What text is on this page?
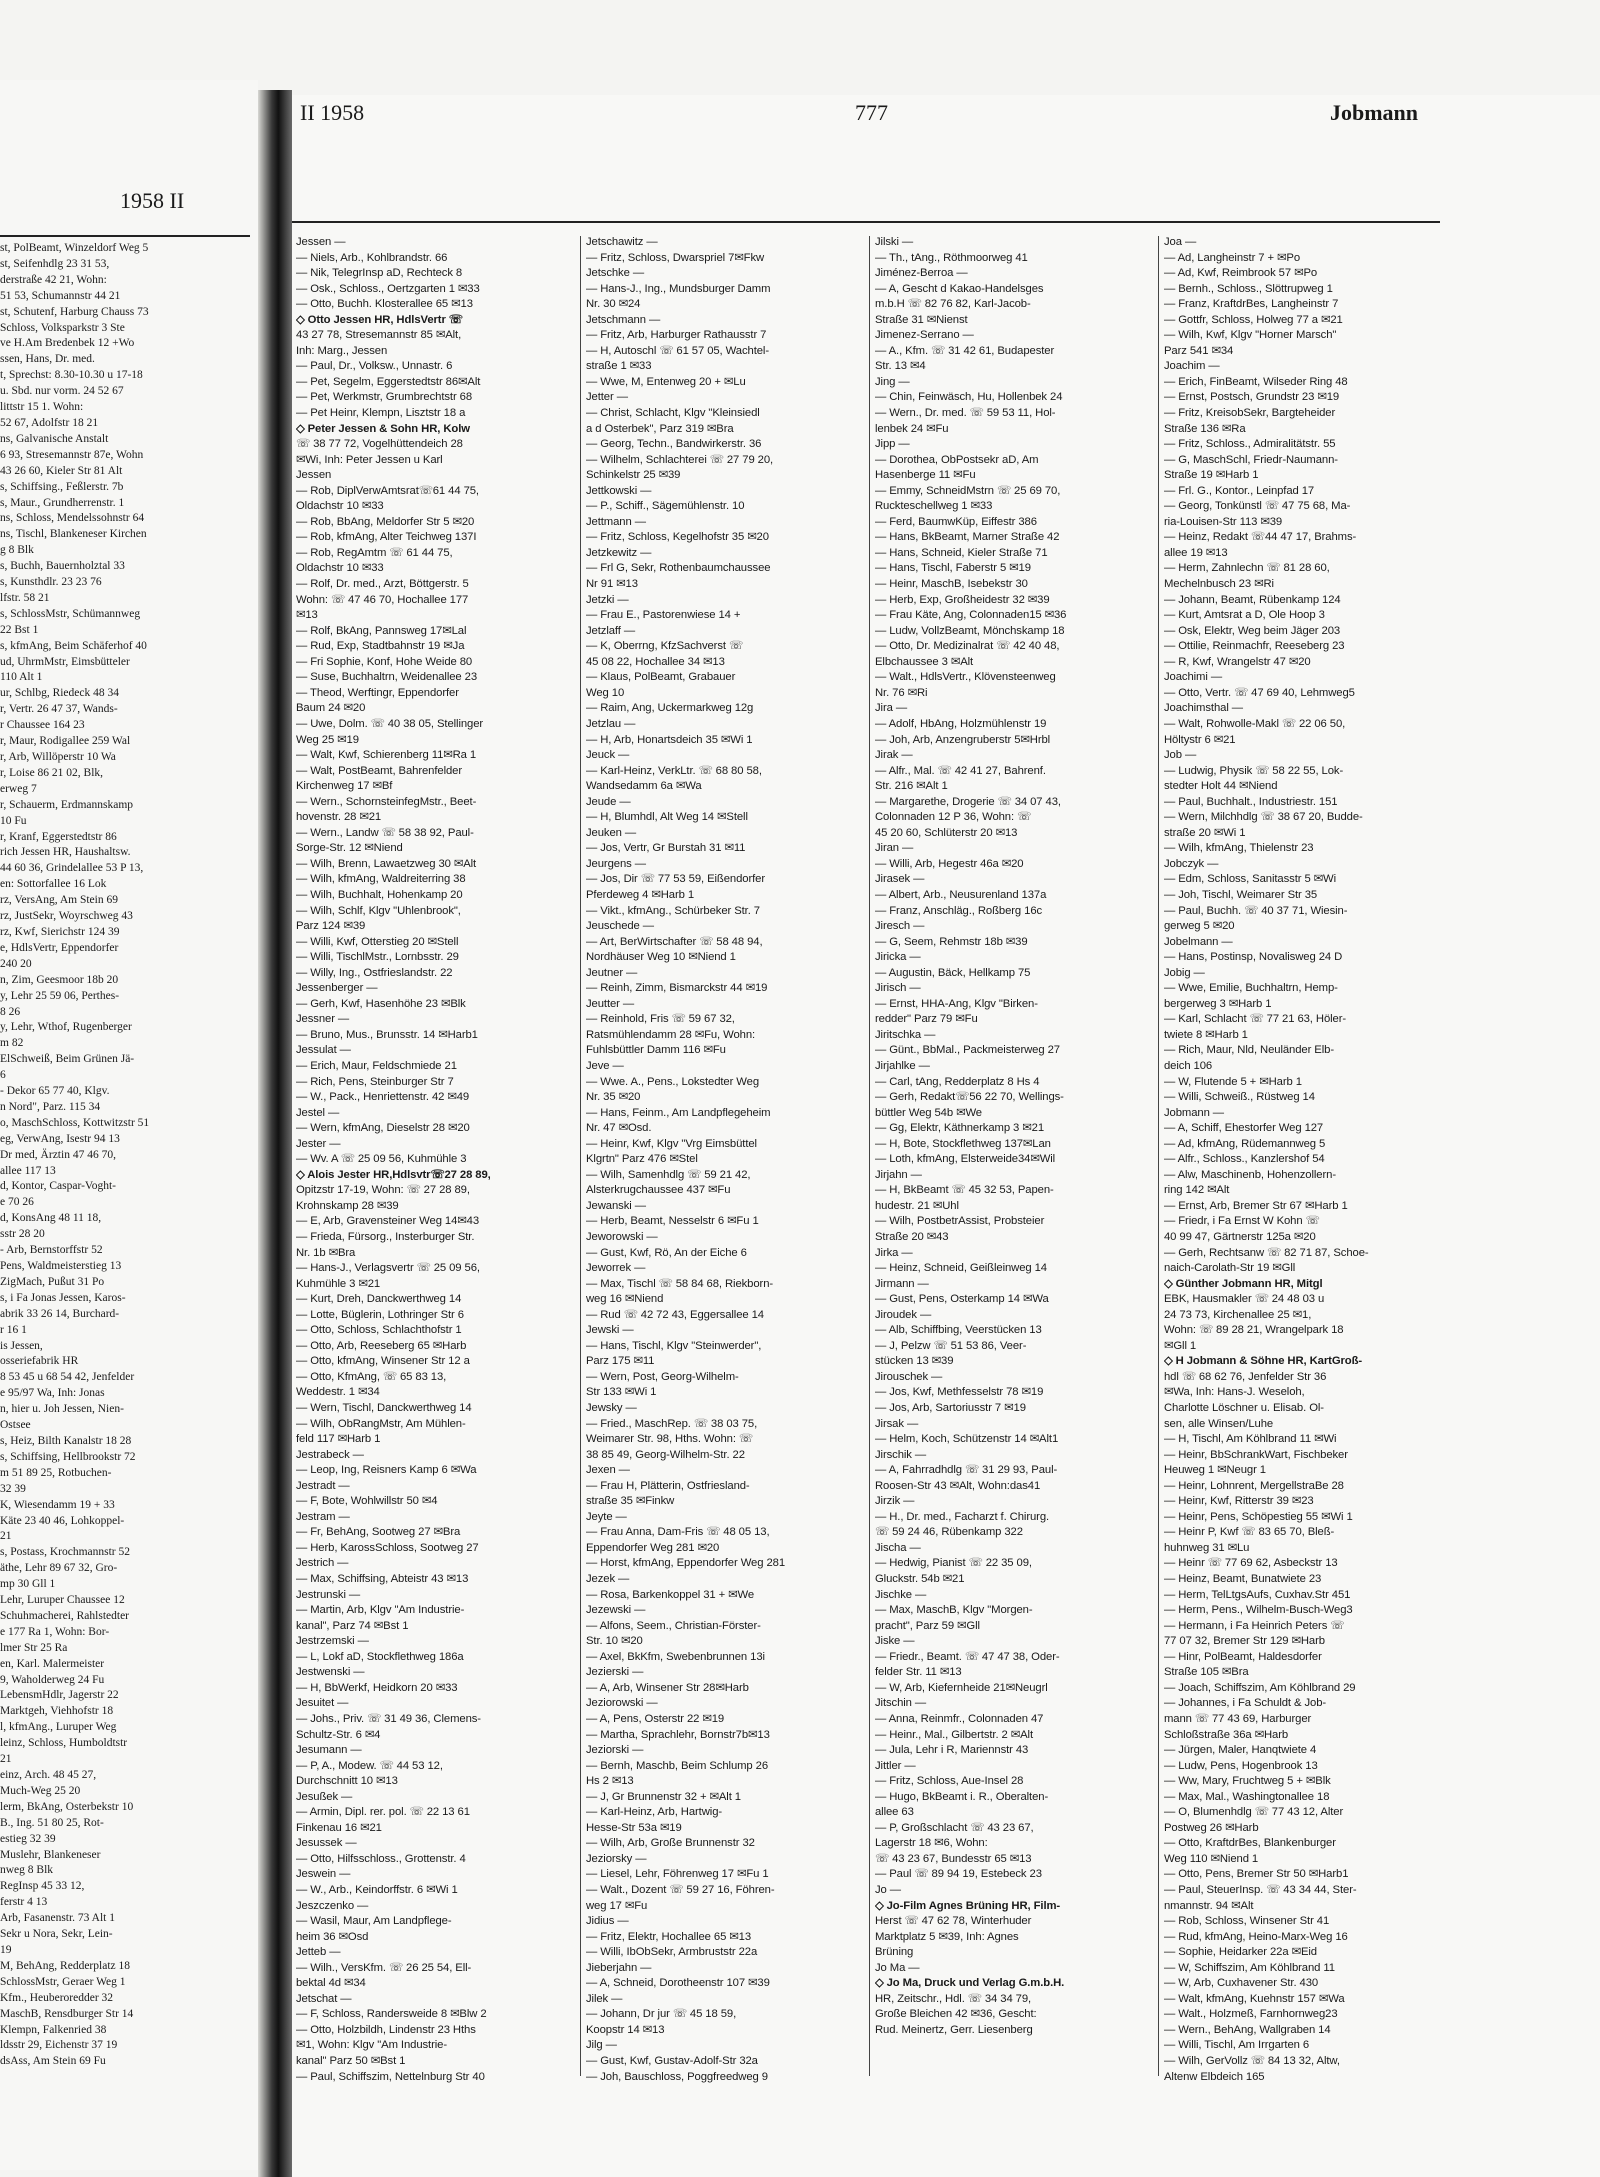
1958 II
st, PolBeamt, Winzeldorf Weg 5
st, Seifenhdlg 23 31 53,
derstraße 42 21, Wohn:
51 53, Schumannstr 44 21
st, Schutenf, Harburg Chauss 73
Schloss, Volksparkstr 3 Ste
ve H.Am Bredenbek 12 +Wo
ssen, Hans, Dr. med.
t, Sprechst: 8.30-10.30 u 17-18
u. Sbd. nur vorm. 24 52 67
littstr 15 1. Wohn:
52 67, Adolfstr 18 21
ns, Galvanische Anstalt
6 93, Stresemannstr 87e, Wohn
43 26 60, Kieler Str 81 Alt
s, Schiffsing., Feßlerstr. 7b
s, Maur., Grundherrenstr. 1
ns, Schloss, Mendelssohnstr 64
ns, Tischl, Blankeneser Kirchen
g 8 Blk
s, Buchh, Bauernholztal 33
s, Kunsthdlr. 23 23 76
lfstr. 58 21
s, SchlossMstr, Schümannweg
22 Bst 1
s, kfmAng, Beim Schäferhof 40
ud, UhrmMstr, Eimsbütteler
110 Alt 1
ur, Schlbg, Riedeck 48 34
r, Vertr. 26 47 37, Wands-
r Chaussee 164 23
r, Maur, Rodigallee 259 Wal
r, Arb, Willöperstr 10 Wa
r, Loise 86 21 02, Blk,
erweg 7
r, Schauerm, Erdmannskamp
10 Fu
r, Kranf, Eggerstedtstr 86
rich Jessen HR, Haushaltsw.
44 60 36, Grindelallee 53 P 13,
en: Sottorfallee 16 Lok
rz, VersAng, Am Stein 69
rz, JustSekr, Woyrschweg 43
rz, Kwf, Sierichstr 124 39
e, HdlsVertr, Eppendorfer
240 20
n, Zim, Geesmoor 18b 20
y, Lehr 25 59 06, Perthes-
8 26
y, Lehr, Wthof, Rugenberger
m 82
ElSchweiß, Beim Grünen Jä-
6
- Dekor 65 77 40, Klgv.
n Nord", Parz. 115 34
o, MaschSchloss, Kottwitzstr 51
eg, VerwAng, Isestr 94 13
Dr med, Ärztin 47 46 70,
allee 117 13
d, Kontor, Caspar-Voght-
e 70 26
d, KonsAng 48 11 18,
sstr 28 20
- Arb, Bernstorffstr 52
Pens, Waldmeisterstieg 13
ZigMach, Pußut 31 Po
s, i Fa Jonas Jessen, Karos-
abrik 33 26 14, Burchard-
r 16 1
is Jessen,
osseriefabrik HR
8 53 45 u 68 54 42, Jenfelder
e 95/97 Wa, Inh: Jonas
n, hier u. Joh Jessen, Nien-
Ostsee
s, Heiz, Bilth Kanalstr 18 28
s, Schiffsing, Hellbrookstr 72
m 51 89 25, Rotbuchen-
32 39
K, Wiesendamm 19 + 33
Käte 23 40 46, Lohkoppel-
21
s, Postass, Krochmannstr 52
äthe, Lehr 89 67 32, Gro-
mp 30 Gll 1
Lehr, Luruper Chaussee 12
Schuhmacherei, Rahlstedter
e 177 Ra 1, Wohn: Bor-
lmer Str 25 Ra
en, Karl. Malermeister
9, Waholderweg 24 Fu
LebensmHdlr, Jagerstr 22
Marktgeh, Viehhofstr 18
l, kfmAng., Luruper Weg
leinz, Schloss, Humboldtstr
21
einz, Arch. 48 45 27,
Much-Weg 25 20
lerm, BkAng, Osterbekstr 10
B., Ing. 51 80 25, Rot-
estieg 32 39
Muslehr, Blankeneser
nweg 8 Blk
RegInsp 45 33 12,
ferstr 4 13
Arb, Fasanenstr. 73 Alt 1
Sekr u Nora, Sekr, Lein-
19
M, BehAng, Redderplatz 18
SchlossMstr, Geraer Weg 1
Kfm., Heuberoredder 32
MaschB, Rensdburger Str 14
Klempn, Falkenried 38
ldsstr 29, Eichenstr 37 19
dsAss, Am Stein 69 Fu
II 1958	777	Jobmann
Jessen —
— Niels, Arb., Kohlbrandstr. 66
— Nik, TelegrInsp aD, Rechteck 8
— Osk., Schloss., Oertzgarten 1 ✉33
— Otto, Buchh. Klosterallee 65 ✉13
◇ Otto Jessen HR, HdlsVertr ☏
43 27 78, Stresemannstr 85 ✉Alt,
Inh: Marg., Jessen
— Paul, Dr., Volksw., Unnastr. 6
— Pet, Segelm, Eggerstedtstr 86✉Alt
— Pet, Werkmstr, Grumbrechtstr 68
— Pet Heinr, Klempn, Lisztstr 18 a
◇ Peter Jessen & Sohn HR, Kolw
☏ 38 77 72, Vogelhüttendeich 28
✉Wi, Inh: Peter Jessen u Karl
Jessen
— Rob, DiplVerwAmtsrat☏61 44 75,
Oldachstr 10 ✉33
— Rob, BbAng, Meldorfer Str 5 ✉20
— Rob, kfmAng, Alter Teichweg 137I
— Rob, RegAmtm ☏ 61 44 75,
Oldachstr 10 ✉33
— Rolf, Dr. med., Arzt, Böttgerstr. 5
Wohn: ☏ 47 46 70, Hochallee 177
✉13
— Rolf, BkAng, Pannsweg 17✉Lal
— Rud, Exp, Stadtbahnstr 19 ✉Ja
— Fri Sophie, Konf, Hohe Weide 80
— Suse, Buchhaltrn, Weidenallee 23
— Theod, Werftingr, Eppendorfer
Baum 24 ✉20
— Uwe, Dolm. ☏ 40 38 05, Stellinger
Weg 25 ✉19
— Walt, Kwf, Schierenberg 11✉Ra 1
— Walt, PostBeamt, Bahrenfelder
Kirchenweg 17 ✉Bf
— Wern., SchornsteinfegMstr., Beet-
hovenstr. 28 ✉21
— Wern., Landw ☏ 58 38 92, Paul-
Sorge-Str. 12 ✉Niend
— Wilh, Brenn, Lawaetzweg 30 ✉Alt
— Wilh, kfmAng, Waldreiterring 38
— Wilh, Buchhalt, Hohenkamp 20
— Wilh, Schlf, Klgv "Uhlenbrook",
Parz 124 ✉39
— Willi, Kwf, Otterstieg 20 ✉Stell
— Willi, TischlMstr., Lornbsstr. 29
— Willy, Ing., Ostfrieslandstr. 22
Jessenberger —
— Gerh, Kwf, Hasenhöhe 23 ✉Blk
Jessner —
— Bruno, Mus., Brunsstr. 14 ✉Harb1
Jessulat —
— Erich, Maur, Feldschmiede 21
— Rich, Pens, Steinburger Str 7
— W., Pack., Henriettenstr. 42 ✉49
Jestel —
— Wern, kfmAng, Dieselstr 28 ✉20
Jester —
— Wv. A ☏ 25 09 56, Kuhmühle 3
◇ Alois Jester HR,Hdlsvtr☏27 28 89,
Opitzstr 17-19, Wohn: ☏ 27 28 89,
Krohnskamp 28 ✉39
— E, Arb, Gravensteiner Weg 14✉43
— Frieda, Fürsorg., Insterburger Str.
Nr. 1b ✉Bra
— Hans-J., Verlagsvertr ☏ 25 09 56,
Kuhmühle 3 ✉21
— Kurt, Dreh, Danckwerthweg 14
— Lotte, Büglerin, Lothringer Str 6
— Otto, Schloss, Schlachthofstr 1
— Otto, Arb, Reeseberg 65 ✉Harb
— Otto, kfmAng, Winsener Str 12 a
— Otto, KfmAng, ☏ 65 83 13,
Weddestr. 1 ✉34
— Wern, Tischl, Danckwerthweg 14
— Wilh, ObRangMstr, Am Mühlen-
feld 117 ✉Harb 1
Jestrabeck —
— Leop, Ing, Reisners Kamp 6 ✉Wa
Jestradt —
— F, Bote, Wohlwillstr 50 ✉4
Jestram —
— Fr, BehAng, Sootweg 27 ✉Bra
— Herb, KarossSchloss, Sootweg 27
Jestrich —
— Max, Schiffsing, Abteistr 43 ✉13
Jestrunski —
— Martin, Arb, Klgv "Am Industrie-
kanal", Parz 74 ✉Bst 1
Jestrzemski —
— L, Lokf aD, Stockflethweg 186a
Jestwenski —
— H, BbWerkf, Heidkorn 20 ✉33
Jesuitet —
— Johs., Priv. ☏ 31 49 36, Clemens-
Schultz-Str. 6 ✉4
Jesumann —
— P, A., Modew. ☏ 44 53 12,
Durchschnitt 10 ✉13
Jesußek —
— Armin, Dipl. rer. pol. ☏ 22 13 61
Finkenau 16 ✉21
Jesussek —
— Otto, Hilfsschloss., Grottenstr. 4
Jeswein —
— W., Arb., Keindorffstr. 6 ✉Wi 1
Jeszczenko —
— Wasil, Maur, Am Landpflege-
heim 36 ✉Osd
Jetteb —
— Wilh., VersKfm. ☏ 26 25 54, Ell-
bektal 4d ✉34
Jetschat —
— F, Schloss, Randersweide 8 ✉Blw 2
— Otto, Holzbildh, Lindenstr 23 Hths
✉1, Wohn: Klgv "Am Industrie-
kanal" Parz 50 ✉Bst 1
— Paul, Schiffszim, Nettelnburg Str 40
Jetschawitz —
— Fritz, Schloss, Dwarspriel 7✉Fkw
Jetschke —
— Hans-J., Ing., Mundsburger Damm
Nr. 30 ✉24
Jetschmann —
— Fritz, Arb, Harburger Rathausstr 7
— H, Autoschl ☏ 61 57 05, Wachtel-
straße 1 ✉33
— Wwe, M, Entenweg 20 + ✉Lu
Jetter —
— Christ, Schlacht, Klgv "Kleinsiedl
a d Osterbek", Parz 319 ✉Bra
— Georg, Techn., Bandwirkerstr. 36
— Wilhelm, Schlachterei ☏ 27 79 20,
Schinkelstr 25 ✉39
Jettkowski —
— P., Schiff., Sägemühlenstr. 10
Jettmann —
— Fritz, Schloss, Kegelhofstr 35 ✉20
Jetzkewitz —
— Frl G, Sekr, Rothenbaumchaussee
Nr 91 ✉13
Jetzki —
— Frau E., Pastorenwiese 14 +
Jetzlaff —
— K, Oberrng, KfzSachverst ☏
45 08 22, Hochallee 34 ✉13
— Klaus, PolBeamt, Grabauer
Weg 10
— Raim, Ang, Uckermarkweg 12g
Jetzlau —
— H, Arb, Honartsdeich 35 ✉Wi 1
Jeuck —
— Karl-Heinz, VerkLtr. ☏ 68 80 58,
Wandsedamm 6a ✉Wa
Jeude —
— H, Blumhdl, Alt Weg 14 ✉Stell
Jeuken —
— Jos, Vertr, Gr Burstah 31 ✉11
Jeurgens —
— Jos, Dir ☏ 77 53 59, Eißendorfer
Pferdeweg 4 ✉Harb 1
— Vikt., kfmAng., Schürbeker Str. 7
Jeuschede —
— Art, BerWirtschafter ☏ 58 48 94,
Nordhäuser Weg 10 ✉Niend 1
Jeutner —
— Reinh, Zimm, Bismarckstr 44 ✉19
Jeutter —
— Reinhold, Fris ☏ 59 67 32,
Ratsmühlendamm 28 ✉Fu, Wohn:
Fuhlsbüttler Damm 116 ✉Fu
Jeve —
— Wwe. A., Pens., Lokstedter Weg
Nr. 35 ✉20
— Hans, Feinm., Am Landpflegeheim
Nr. 47 ✉Osd.
— Heinr, Kwf, Klgv "Vrg Eimsbüttel
Klgrtn" Parz 476 ✉Stel
— Wilh, Samenhdlg ☏ 59 21 42,
Alsterkrugchaussee 437 ✉Fu
Jewanski —
— Herb, Beamt, Nesselstr 6 ✉Fu 1
Jeworowski —
— Gust, Kwf, Rö, An der Eiche 6
Jeworrek —
— Max, Tischl ☏ 58 84 68, Riekborn-
weg 16 ✉Niend
— Rud ☏ 42 72 43, Eggersallee 14
Jewski —
— Hans, Tischl, Klgv "Steinwerder",
Parz 175 ✉11
— Wern, Post, Georg-Wilhelm-
Str 133 ✉Wi 1
Jewsky —
— Fried., MaschRep. ☏ 38 03 75,
Weimarer Str. 98, Hths. Wohn: ☏
38 85 49, Georg-Wilhelm-Str. 22
Jexen —
— Frau H, Plätterin, Ostfriesland-
straße 35 ✉Finkw
Jeyte —
— Frau Anna, Dam-Fris ☏ 48 05 13,
Eppendorfer Weg 281 ✉20
— Horst, kfmAng, Eppendorfer Weg 281
Jezek —
— Rosa, Barkenkoppel 31 + ✉We
Jezewski —
— Alfons, Seem., Christian-Förster-
Str. 10 ✉20
— Axel, BkKfm, Swebenbrunnen 13i
Jezierski —
— A, Arb, Winsener Str 28✉Harb
Jeziorowski —
— A, Pens, Osterstr 22 ✉19
— Martha, Sprachlehr, Bornstr7b✉13
Jeziorski —
— Bernh, Maschb, Beim Schlump 26
Hs 2 ✉13
— J, Gr Brunnenstr 32 + ✉Alt 1
— Karl-Heinz, Arb, Hartwig-
Hesse-Str 53a ✉19
— Wilh, Arb, Große Brunnenstr 32
Jeziorsky —
— Liesel, Lehr, Föhrenweg 17 ✉Fu 1
— Walt., Dozent ☏ 59 27 16, Föhren-
weg 17 ✉Fu
Jidius —
— Fritz, Elektr, Hochallee 65 ✉13
— Willi, IbObSekr, Armbruststr 22a
Jieberjahn —
— A, Schneid, Dorotheenstr 107 ✉39
Jilek —
— Johann, Dr jur ☏ 45 18 59,
Koopstr 14 ✉13
Jilg —
— Gust, Kwf, Gustav-Adolf-Str 32a
— Joh, Bauschloss, Poggfreedweg 9
Jilski —
— Th., tAng., Röthmoorweg 41
Jiménez-Berroa —
— A, Gescht d Kakao-Handelsges
m.b.H ☏ 82 76 82, Karl-Jacob-
Straße 31 ✉Nienst
Jimenez-Serrano —
— A., Kfm. ☏ 31 42 61, Budapester
Str. 13 ✉4
Jing —
— Chin, Feinwäsch, Hu, Hollenbek 24
— Wern., Dr. med. ☏ 59 53 11, Hol-
lenbek 24 ✉Fu
Jipp —
— Dorothea, ObPostsekr aD, Am
Hasenberge 11 ✉Fu
— Emmy, SchneidMstrn ☏ 25 69 70,
Ruckteschellweg 1 ✉33
— Ferd, BaumwKüp, Eiffestr 386
— Hans, BkBeamt, Marner Straße 42
— Hans, Schneid, Kieler Straße 71
— Hans, Tischl, Faberstr 5 ✉19
— Heinr, MaschB, Isebekstr 30
— Herb, Exp, Großheidestr 32 ✉39
— Frau Käte, Ang, Colonnaden15 ✉36
— Ludw, VollzBeamt, Mönchskamp 18
— Otto, Dr. Medizinalrat ☏ 42 40 48,
Elbchaussee 3 ✉Alt
— Walt., HdlsVertr., Klövensteenweg
Nr. 76 ✉Ri
Jira —
— Adolf, HbAng, Holzmühlenstr 19
— Joh, Arb, Anzengruberstr 5✉Hrbl
Jirak —
— Alfr., Mal. ☏ 42 41 27, Bahrenf.
Str. 216 ✉Alt 1
— Margarethe, Drogerie ☏ 34 07 43,
Colonnaden 12 P 36, Wohn: ☏
45 20 60, Schlüterstr 20 ✉13
Jiran —
— Willi, Arb, Hegestr 46a ✉20
Jirasek —
— Albert, Arb., Neusurenland 137a
— Franz, Anschläg., Roßberg 16c
Jiresch —
— G, Seem, Rehmstr 18b ✉39
Jiricka —
— Augustin, Bäck, Hellkamp 75
Jirisch —
— Ernst, HHA-Ang, Klgv "Birken-
redder" Parz 79 ✉Fu
Jiritschka —
— Günt., BbMal., Packmeisterweg 27
Jirjahlke —
— Carl, tAng, Redderplatz 8 Hs 4
— Gerh, Redakt☏56 22 70, Wellings-
büttler Weg 54b ✉We
— Gg, Elektr, Käthnerkamp 3 ✉21
— H, Bote, Stockflethweg 137✉Lan
— Loth, kfmAng, Elsterweide34✉Wil
Jirjahn —
— H, BkBeamt ☏ 45 32 53, Papen-
hudestr. 21 ✉Uhl
— Wilh, PostbetrAssist, Probsteier
Straße 20 ✉43
Jirka —
— Heinz, Schneid, Geißleinweg 14
Jirmann —
— Gust, Pens, Osterkamp 14 ✉Wa
Jiroudek —
— Alb, Schiffbing, Veerstücken 13
— J, Pelzw ☏ 51 53 86, Veer-
stücken 13 ✉39
Jirouschek —
— Jos, Kwf, Methfesselstr 78 ✉19
— Jos, Arb, Sartoriusstr 7 ✉19
Jirsak —
— Helm, Koch, Schützenstr 14 ✉Alt1
Jirschik —
— A, Fahrradhdlg ☏ 31 29 93, Paul-
Roosen-Str 43 ✉Alt, Wohn:das41
Jirzik —
— H., Dr. med., Facharzt f. Chirurg.
☏ 59 24 46, Rübenkamp 322
Jischa —
— Hedwig, Pianist ☏ 22 35 09,
Gluckstr. 54b ✉21
Jischke —
— Max, MaschB, Klgv "Morgen-
pracht", Parz 59 ✉Gll
Jiske —
— Friedr., Beamt. ☏ 47 47 38, Oder-
felder Str. 11 ✉13
— W, Arb, Kiefernheide 21✉Neugrl
Jitschin —
— Anna, Reinmfr., Colonnaden 47
— Heinr., Mal., Gilbertstr. 2 ✉Alt
— Jula, Lehr i R, Mariennstr 43
Jittler —
— Fritz, Schloss, Aue-Insel 28
— Hugo, BkBeamt i. R., Oberalten-
allee 63
— P, Großschlacht ☏ 43 23 67,
Lagerstr 18 ✉6, Wohn:
☏ 43 23 67, Bundesstr 65 ✉13
— Paul ☏ 89 94 19, Estebeck 23
Jo —
◇ Jo-Film Agnes Brüning HR, Film-
Herst ☏ 47 62 78, Winterhuder
Marktplatz 5 ✉39, Inh: Agnes
Brüning
Jo Ma —
◇ Jo Ma, Druck und Verlag G.m.b.H.
HR, Zeitschr., Hdl. ☏ 34 34 79,
Große Bleichen 42 ✉36, Gescht:
Rud. Meinertz, Gerr. Liesenberg
Joa —
— Ad, Langheinstr 7 + ✉Po
— Ad, Kwf, Reimbrook 57 ✉Po
— Bernh., Schloss., Slöttrupweg 1
— Franz, KraftdrBes, Langheinstr 7
— Gottfr, Schloss, Holweg 77 a ✉21
— Wilh, Kwf, Klgv "Horner Marsch"
Parz 541 ✉34
Joachim —
— Erich, FinBeamt, Wilseder Ring 48
— Ernst, Postsch, Grundstr 23 ✉19
— Fritz, KreisobSekr, Bargteheider
Straße 136 ✉Ra
— Fritz, Schloss., Admiralitätstr. 55
— G, MaschSchl, Friedr-Naumann-
Straße 19 ✉Harb 1
— Frl. G., Kontor., Leinpfad 17
— Georg, Tonkünstl ☏ 47 75 68, Ma-
ria-Louisen-Str 113 ✉39
— Heinz, Redakt ☏44 47 17, Brahms-
allee 19 ✉13
— Herm, Zahnlechn ☏ 81 28 60,
Mechelnbusch 23 ✉Ri
— Johann, Beamt, Rübenkamp 124
— Kurt, Amtsrat a D, Ole Hoop 3
— Osk, Elektr, Weg beim Jäger 203
— Ottilie, Reinmachfr, Reeseberg 23
— R, Kwf, Wrangelstr 47 ✉20
Joachimi —
— Otto, Vertr. ☏ 47 69 40, Lehmweg5
Joachimsthal —
— Walt, Rohwolle-Makl ☏ 22 06 50,
Höltystr 6 ✉21
Job —
— Ludwig, Physik ☏ 58 22 55, Lok-
stedter Holt 44 ✉Niend
— Paul, Buchhalt., Industriestr. 151
— Wern, Milchhdlg ☏ 38 67 20, Budde-
straße 20 ✉Wi 1
— Wilh, kfmAng, Thielenstr 23
Jobczyk —
— Edm, Schloss, Sanitasstr 5 ✉Wi
— Joh, Tischl, Weimarer Str 35
— Paul, Buchh. ☏ 40 37 71, Wiesin-
gerweg 5 ✉20
Jobelmann —
— Hans, Postinsp, Novalisweg 24 D
Jobig —
— Wwe, Emilie, Buchhaltrn, Hemp-
bergerweg 3 ✉Harb 1
— Karl, Schlacht ☏ 77 21 63, Höler-
twiete 8 ✉Harb 1
— Rich, Maur, Nld, Neuländer Elb-
deich 106
— W, Flutende 5 + ✉Harb 1
— Willi, Schweiß., Rüstweg 14
Jobmann —
— A, Schiff, Ehestorfer Weg 127
— Ad, kfmAng, Rüdemannweg 5
— Alfr., Schloss., Kanzlershof 54
— Alw, Maschinenb, Hohenzollern-
ring 142 ✉Alt
— Ernst, Arb, Bremer Str 67 ✉Harb 1
— Friedr, i Fa Ernst W Kohn ☏
40 99 47, Gärtnerstr 125a ✉20
— Gerh, Rechtsanw ☏ 82 71 87, Schoe-
naich-Carolath-Str 19 ✉Gll
◇ Günther Jobmann HR, Mitgl
EBK, Hausmakler ☏ 24 48 03 u
24 73 73, Kirchenallee 25 ✉1,
Wohn: ☏ 89 28 21, Wrangelpark 18
✉Gll 1
◇ H Jobmann & Söhne HR, KartGroß-
hdl ☏ 68 62 76, Jenfelder Str 36
✉Wa, Inh: Hans-J. Weseloh,
Charlotte Löschner u. Elisab. Ol-
sen, alle Winsen/Luhe
— H, Tischl, Am Köhlbrand 11 ✉Wi
— Heinr, BbSchrankWart, Fischbeker
Heuweg 1 ✉Neugr 1
— Heinr, Lohnrent, MergellstraBe 28
— Heinr, Kwf, Ritterstr 39 ✉23
— Heinr, Pens, Schöpestieg 55 ✉Wi 1
— Heinr P, Kwf ☏ 83 65 70, Bleß-
huhnweg 31 ✉Lu
— Heinr ☏ 77 69 62, Asbeckstr 13
— Heinz, Beamt, Bunatwiete 23
— Herm, TelLtgsAufs, Cuxhav.Str 451
— Herm, Pens., Wilhelm-Busch-Weg3
— Hermann, i Fa Heinrich Peters ☏
77 07 32, Bremer Str 129 ✉Harb
— Hinr, PolBeamt, Haldesdorfer
Straße 105 ✉Bra
— Joach, Schiffszim, Am Köhlbrand 29
— Johannes, i Fa Schuldt & Job-
mann ☏ 77 43 69, Harburger
Schloßstraße 36a ✉Harb
— Jürgen, Maler, Hanqtwiete 4
— Ludw, Pens, Hogenbrook 13
— Ww, Mary, Fruchtweg 5 + ✉Blk
— Max, Mal., Washingtonallee 18
— O, Blumenhdlg ☏ 77 43 12, Alter
Postweg 26 ✉Harb
— Otto, KraftdrBes, Blankenburger
Weg 110 ✉Niend 1
— Otto, Pens, Bremer Str 50 ✉Harb1
— Paul, SteuerInsp. ☏ 43 34 44, Ster-
nmannstr. 94 ✉Alt
— Rob, Schloss, Winsener Str 41
— Rud, kfmAng, Heino-Marx-Weg 16
— Sophie, Heidarker 22a ✉Eid
— W, Schiffszim, Am Köhlbrand 11
— W, Arb, Cuxhavener Str. 430
— Walt, kfmAng, Kuehnstr 157 ✉Wa
— Walt., Holzmeß, Farnhornweg23
— Wern., BehAng, Wallgraben 14
— Willi, Tischl, Am Irrgarten 6
— Wilh, GerVollz ☏ 84 13 32, Altw,
Altenw Elbdeich 165
